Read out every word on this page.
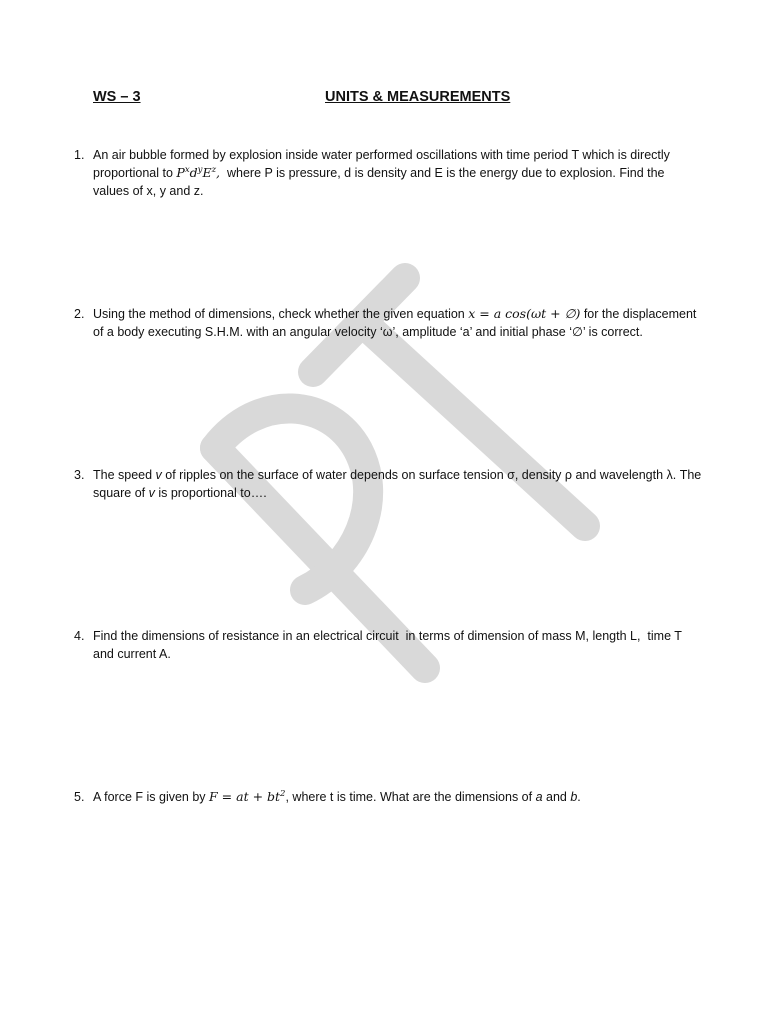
WS – 3	UNITS & MEASUREMENTS
1. An air bubble formed by explosion inside water performed oscillations with time period T which is directly proportional to $P^xd^yE^z$,  where P is pressure, d is density and E is the energy due to explosion. Find the values of x, y and z.
2. Using the method of dimensions, check whether the given equation x = a cos(ωt + ∅) for the displacement of a body executing S.H.M. with an angular velocity ‘ω’, amplitude ‘a’ and initial phase ‘∅’ is correct.
3. The speed v of ripples on the surface of water depends on surface tension σ, density ρ and wavelength λ. The square of v is proportional to….
4. Find the dimensions of resistance in an electrical circuit  in terms of dimension of mass M, length L,  time T and current A.
5. A force F is given by F = at + $bt^2$, where t is time. What are the dimensions of a and b.
